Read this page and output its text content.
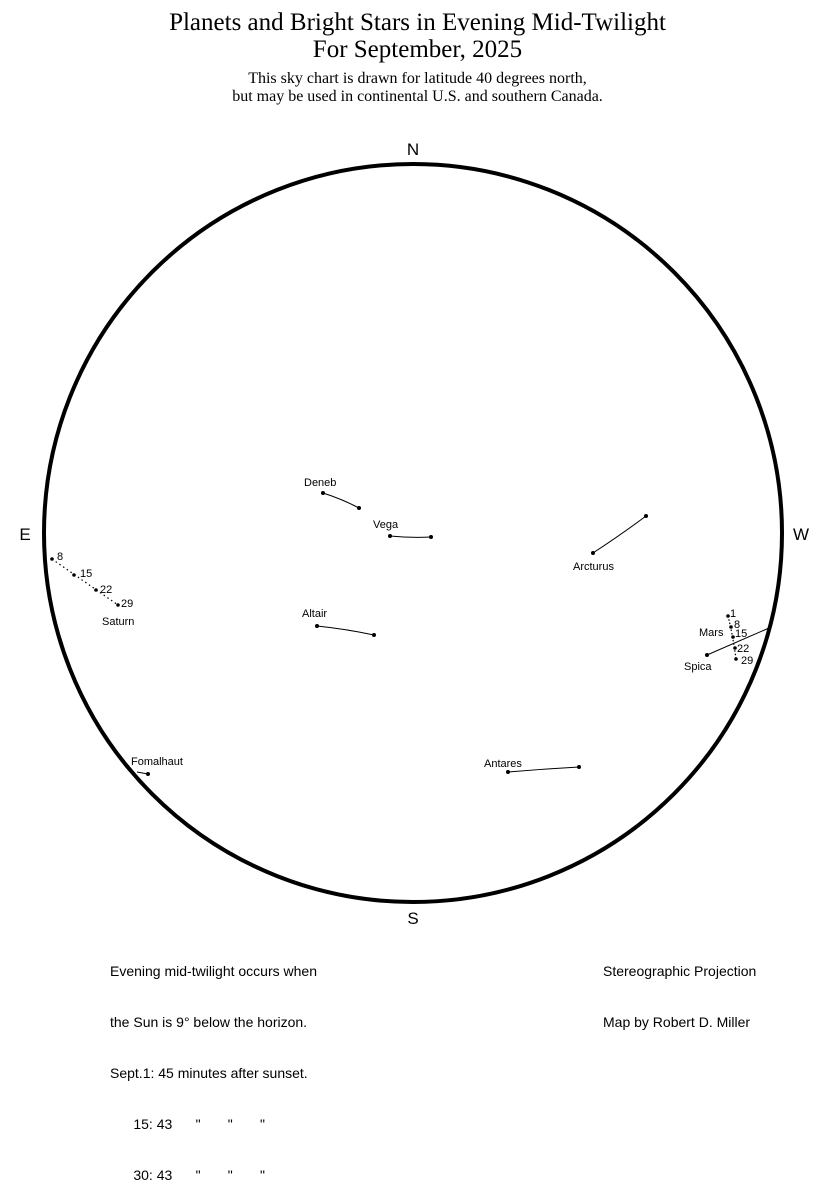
Planets and Bright Stars in Evening Mid-Twilight
For September, 2025
This sky chart is drawn for latitude 40 degrees north,
but may be used in continental U.S. and southern Canada.
N
S
E	W
Deneb
Vega
Arcturus
Altair
Spica
Antares
Fomalhaut
8
15
22
29
Saturn
1
8
15
22
29
Mars

Evening mid-twilight occurs when

the Sun is 9° below the horizon.

Sept.1: 45 minutes after sunset.

15: 43      "       "       "

30: 43      "       "       "

Stereographic Projection

Map by Robert D. Miller
